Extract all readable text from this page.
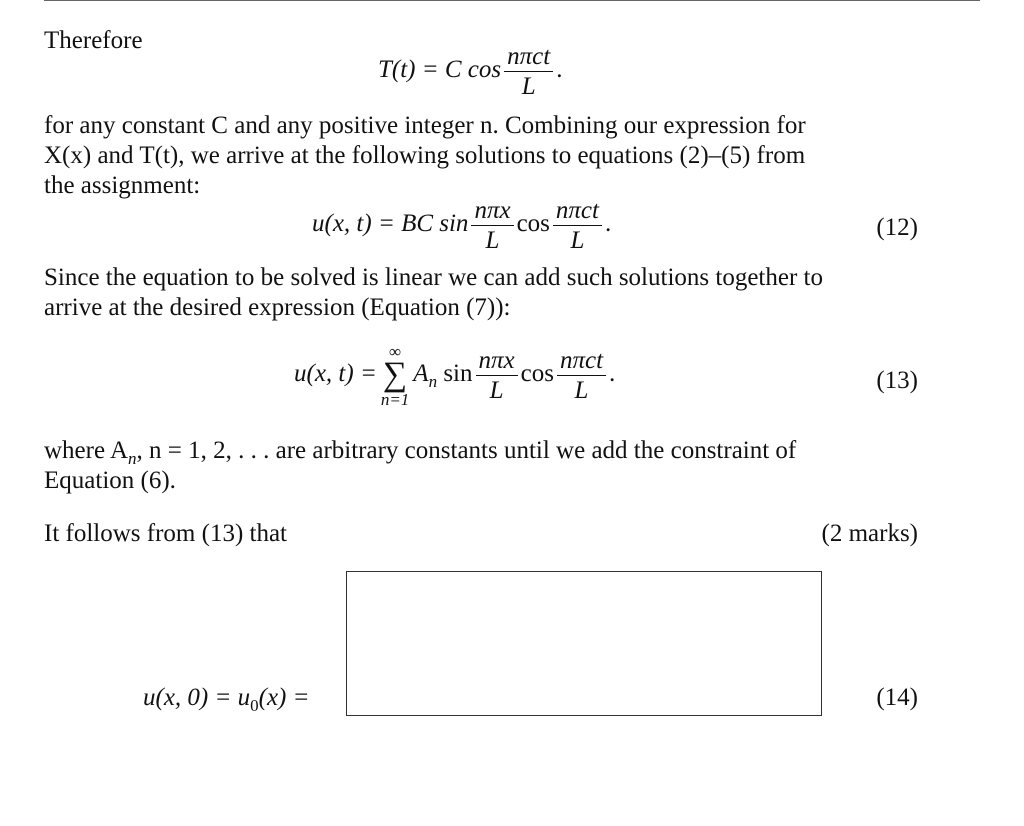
Therefore
T(t) = C $\cos \frac{\text{nπct}}{L}$ .
for any constant C and any positive integer n. Combining our expression for
X(x) and T(t), we arrive at the following solutions to equations (2)–(5) from
the assignment:
u(x, t) = BC $\sin \frac{\text{nπx}}{L}$ $\cos \frac{\text{nπct}}{L}$ .	(12)
Since the equation to be solved is linear we can add such solutions together to
arrive at the desired expression (Equation (7)):
u(x, t) =
∞
∑
n=1
$A_n$ $\sin \frac{\text{nπx}}{L}$ $\cos \frac{\text{nπct}}{L}$ .	(13)
where $A_n$, n = 1, 2, . . . are arbitrary constants until we add the constraint of
Equation (6).
It follows from (13) that	(2 marks)
u(x, $0) = u_0(x)$ =	(14)
